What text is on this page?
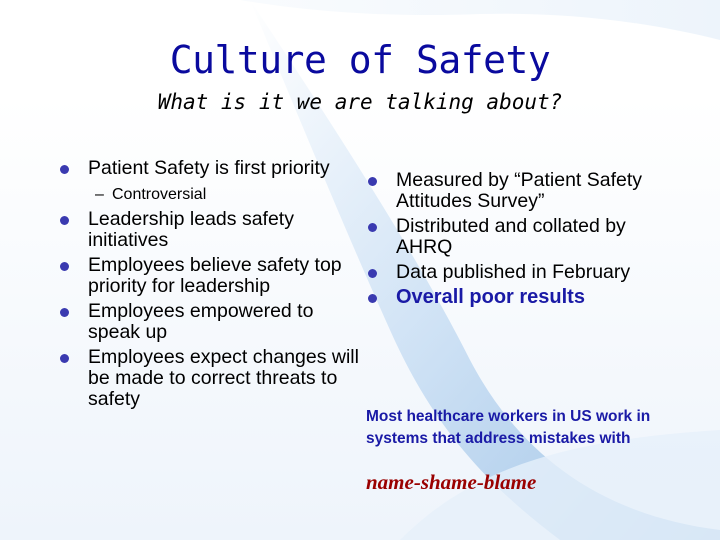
Culture of Safety
What is it we are talking about?
Patient Safety is first priority
– Controversial
Leadership leads safety initiatives
Employees believe safety top priority for leadership
Employees empowered to speak up
Employees expect changes will be made to correct threats to safety
Measured by “Patient Safety Attitudes Survey”
Distributed and collated by AHRQ
Data published in February
Overall poor results
Most healthcare workers in US work in systems that address mistakes with
name-shame-blame
